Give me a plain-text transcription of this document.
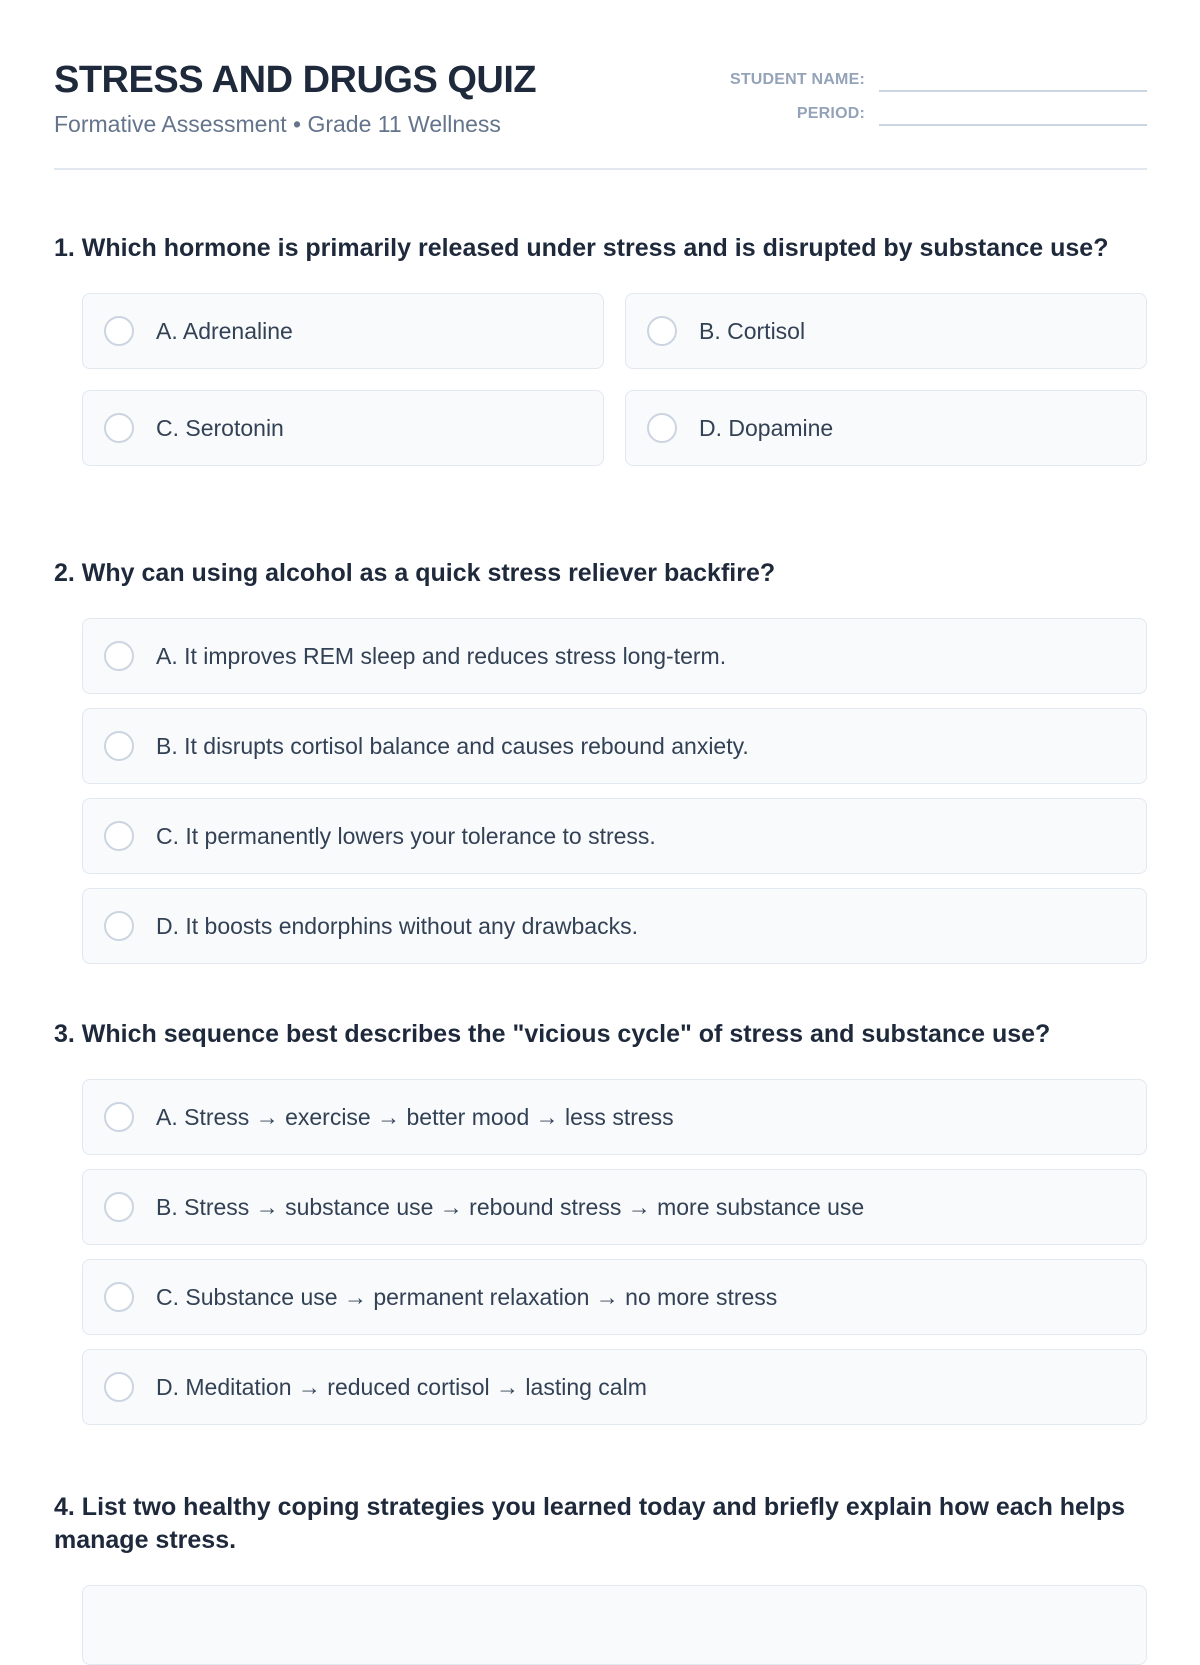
STRESS AND DRUGS QUIZ
Formative Assessment • Grade 11 Wellness
STUDENT NAME:
PERIOD:
1. Which hormone is primarily released under stress and is disrupted by substance use?
A. Adrenaline	B. Cortisol
C. Serotonin	D. Dopamine
2. Why can using alcohol as a quick stress reliever backfire?
A. It improves REM sleep and reduces stress long-term.
B. It disrupts cortisol balance and causes rebound anxiety.
C. It permanently lowers your tolerance to stress.
D. It boosts endorphins without any drawbacks.
3. Which sequence best describes the "vicious cycle" of stress and substance use?
A. Stress → exercise → better mood → less stress
B. Stress → substance use → rebound stress → more substance use
C. Substance use → permanent relaxation → no more stress
D. Meditation → reduced cortisol → lasting calm
4. List two healthy coping strategies you learned today and briefly explain how each helps manage stress.
